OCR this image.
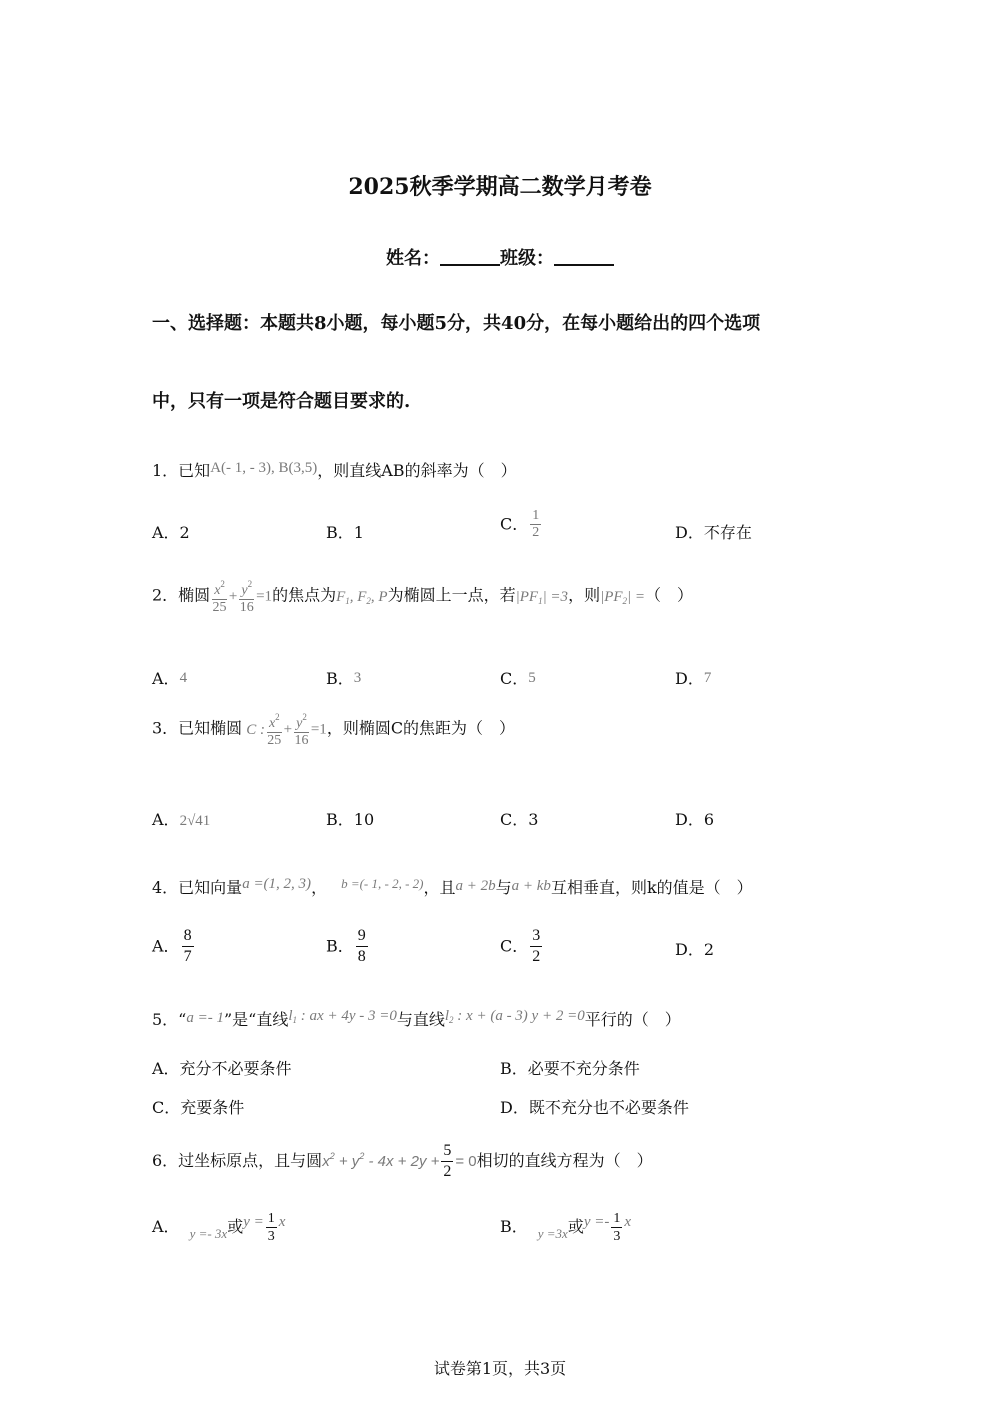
2025秋季学期高二数学月考卷
姓名：	班级：
一、选择题：本题共8小题，每小题5分，共40分，在每小题给出的四个选项
中，只有一项是符合题目要求的.
1．已知A(- 1, - 3), B(3,5)，则直线AB的斜率为（　）
A．2	B．1	C． $\frac{1}{2}$	D．不存在
2．椭圆 $\frac{x^2}{25} + \frac{y^2}{16} =1$的焦点为$F_1$, $F_2$, P为椭圆上一点，若$|PF_1| =3$，则$|PF_2|$ =（　）
A．4	B．3	C．5	D．7
3．已知椭圆 C : $\frac{x^2}{25} + \frac{y^2}{16} =1$，则椭圆C的焦距为（　）
A．2√41	B．10	C．3	D．6
4．已知向量a =(1, 2, 3)， $^{b =(- 1, - 2, - 2)}$，且a + 2b与a + kb互相垂直，则k的值是（　）
A． $\frac{8}{7}$	B． $\frac{9}{8}$	C． $\frac{3}{2}$	D．2
5．“a =- 1”是“直线$l_1$ : ax + 4y - 3 =0与直线$l_2$ : x + (a - 3) y + 2 =0平行的（　）
A．充分不必要条件	B．必要不充分条件
C．充要条件	D．既不充分也不必要条件
6．过坐标原点，且与圆$x^2 + y^2 - 4x + 2y + \frac{5}{2} = 0$相切的直线方程为（　）
A． $_{y =- 3x}$或$y = \frac{1}{3}$ x	B． $_{y =3x}$或$y =- \frac{1}{3}$ x
试卷第1页，共3页
